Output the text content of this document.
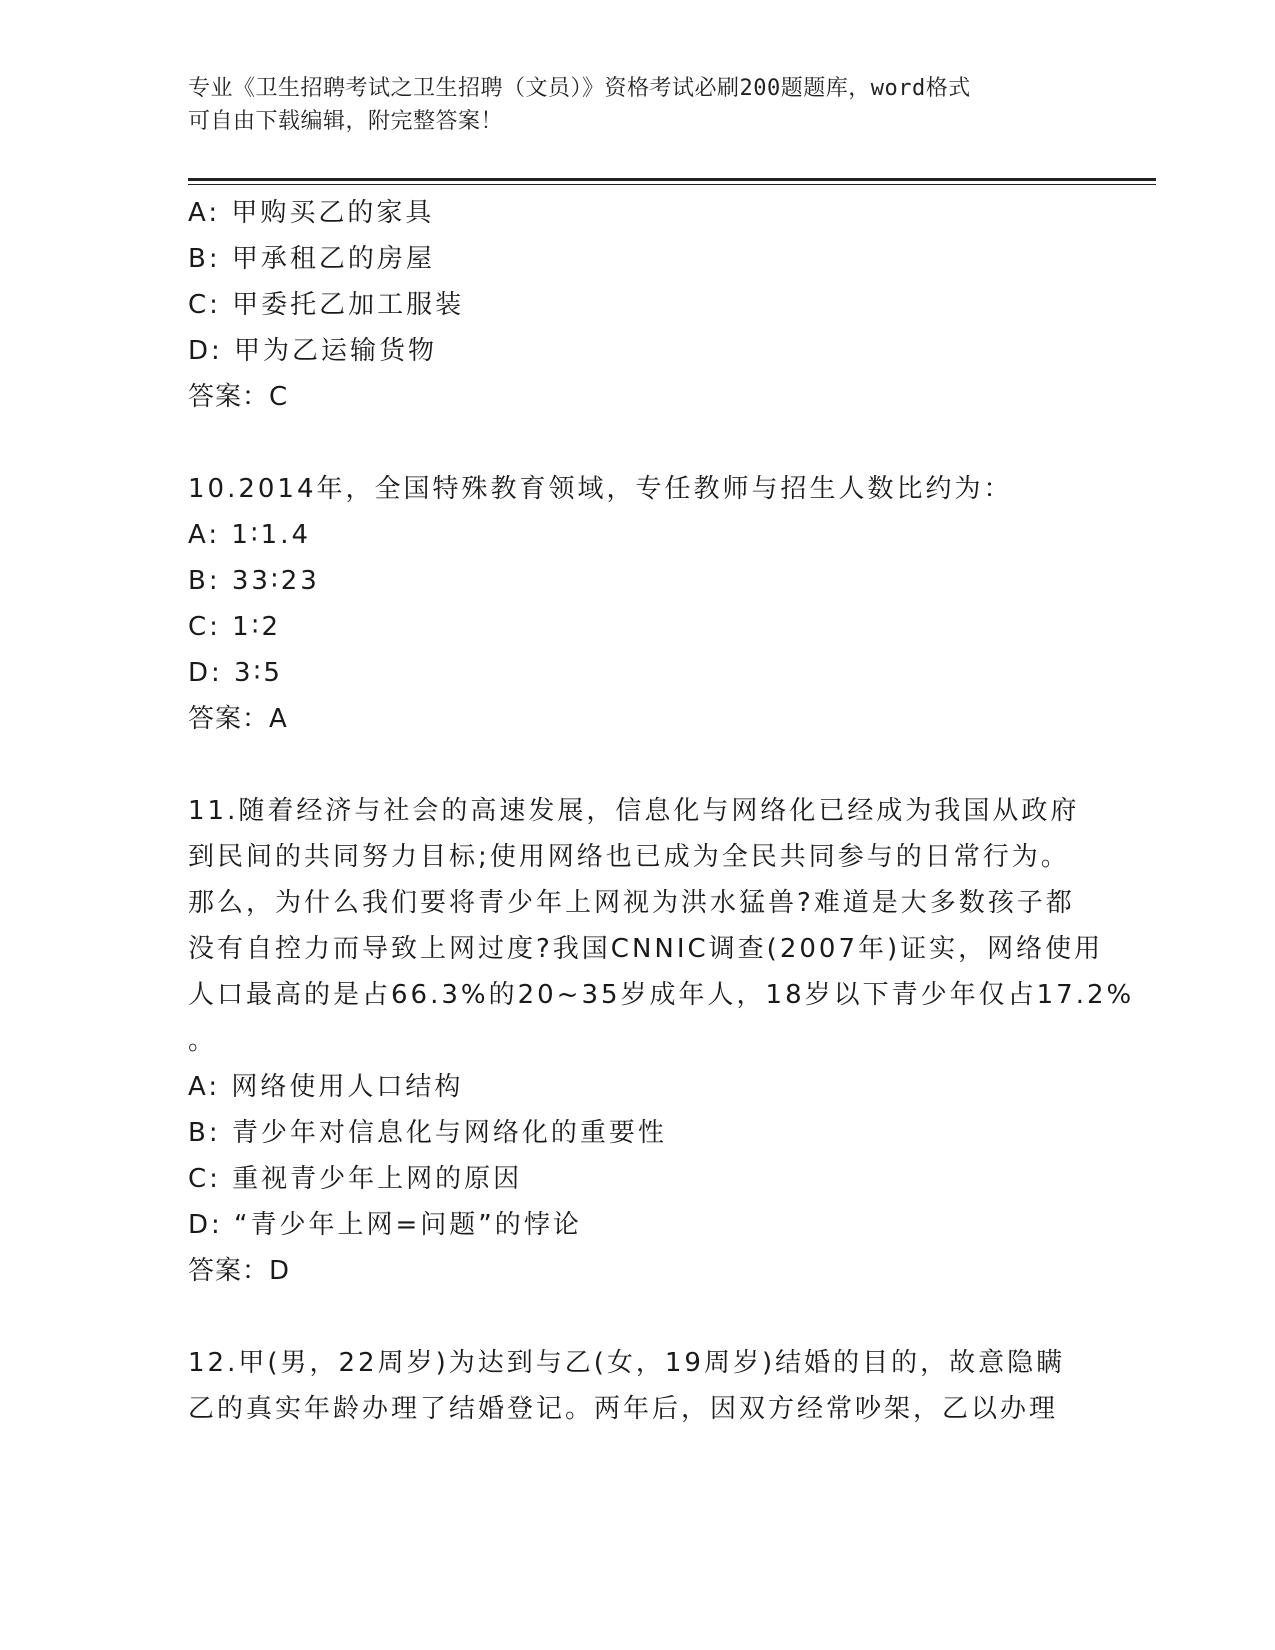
专业《卫生招聘考试之卫生招聘（文员）》资格考试必刷200题题库，word格式
可自由下载编辑，附完整答案！
A: 甲购买乙的家具
B: 甲承租乙的房屋
C: 甲委托乙加工服装
D: 甲为乙运输货物
答案：C
10.2014年，全国特殊教育领域，专任教师与招生人数比约为：
A: 1∶1.4
B: 33∶23
C: 1∶2
D: 3∶5
答案：A
11.随着经济与社会的高速发展，信息化与网络化已经成为我国从政府
到民间的共同努力目标;使用网络也已成为全民共同参与的日常行为。
那么，为什么我们要将青少年上网视为洪水猛兽?难道是大多数孩子都
没有自控力而导致上网过度?我国CNNIC调查(2007年)证实，网络使用
人口最高的是占66.3%的20~35岁成年人，18岁以下青少年仅占17.2%
。
A: 网络使用人口结构
B: 青少年对信息化与网络化的重要性
C: 重视青少年上网的原因
D: “青少年上网=问题”的悖论
答案：D
12.甲(男，22周岁)为达到与乙(女，19周岁)结婚的目的，故意隐瞒
乙的真实年龄办理了结婚登记。两年后，因双方经常吵架，乙以办理
